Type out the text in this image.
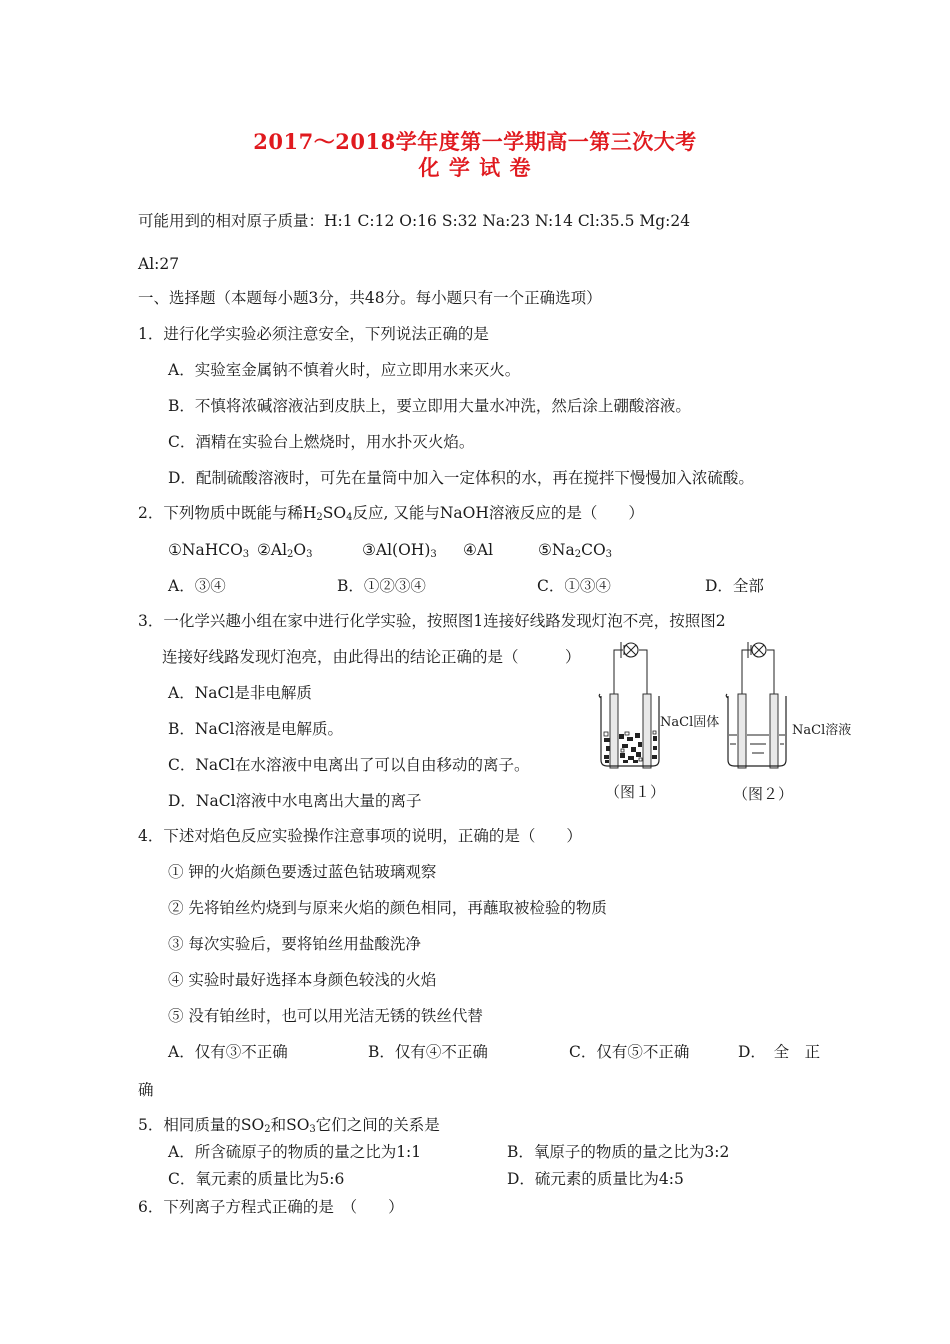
2017～2018学年度第一学期高一第三次大考
化 学 试 卷
可能用到的相对原子质量：H:1 C:12 O:16 S:32 Na:23 N:14 Cl:35.5 Mg:24
Al:27
一、选择题（本题每小题3分，共48分。每小题只有一个正确选项）
1．进行化学实验必须注意安全，下列说法正确的是
A．实验室金属钠不慎着火时，应立即用水来灭火。
B．不慎将浓碱溶液沾到皮肤上，要立即用大量水冲洗，然后涂上硼酸溶液。
C．酒精在实验台上燃烧时，用水扑灭火焰。
D．配制硫酸溶液时，可先在量筒中加入一定体积的水，再在搅拌下慢慢加入浓硫酸。
2．下列物质中既能与稀$H_2SO_4$反应, 又能与NaOH溶液反应的是（　　）
①NaHCO$_3$ $②Al_2O_3$	$③Al(OH)_3$ ④Al	$⑤Na_2CO_3$
A．③④	B．①②③④	C．①③④	D．全部
3．一化学兴趣小组在家中进行化学实验，按照图1连接好线路发现灯泡不亮，按照图2
连接好线路发现灯泡亮，由此得出的结论正确的是（　　　）
A．NaCl是非电解质
B．NaCl溶液是电解质。
C．NaCl在水溶液中电离出了可以自由移动的离子。
D．NaCl溶液中水电离出大量的离子
NaCl固体
（图１）
NaCl溶液
（图２）
4．下述对焰色反应实验操作注意事项的说明，正确的是（　　）
① 钾的火焰颜色要透过蓝色钴玻璃观察
② 先将铂丝灼烧到与原来火焰的颜色相同，再蘸取被检验的物质
③ 每次实验后，要将铂丝用盐酸洗净
④ 实验时最好选择本身颜色较浅的火焰
⑤ 没有铂丝时，也可以用光洁无锈的铁丝代替
A．仅有③不正确	B．仅有④不正确	C．仅有⑤不正确	D．　全　正
确
5．相同质量的$SO_2$和$SO_3$它们之间的关系是
A．所含硫原子的物质的量之比为1:1	B．氧原子的物质的量之比为3:2
C．氧元素的质量比为5:6	D．硫元素的质量比为4:5
6．下列离子方程式正确的是　（　　）
